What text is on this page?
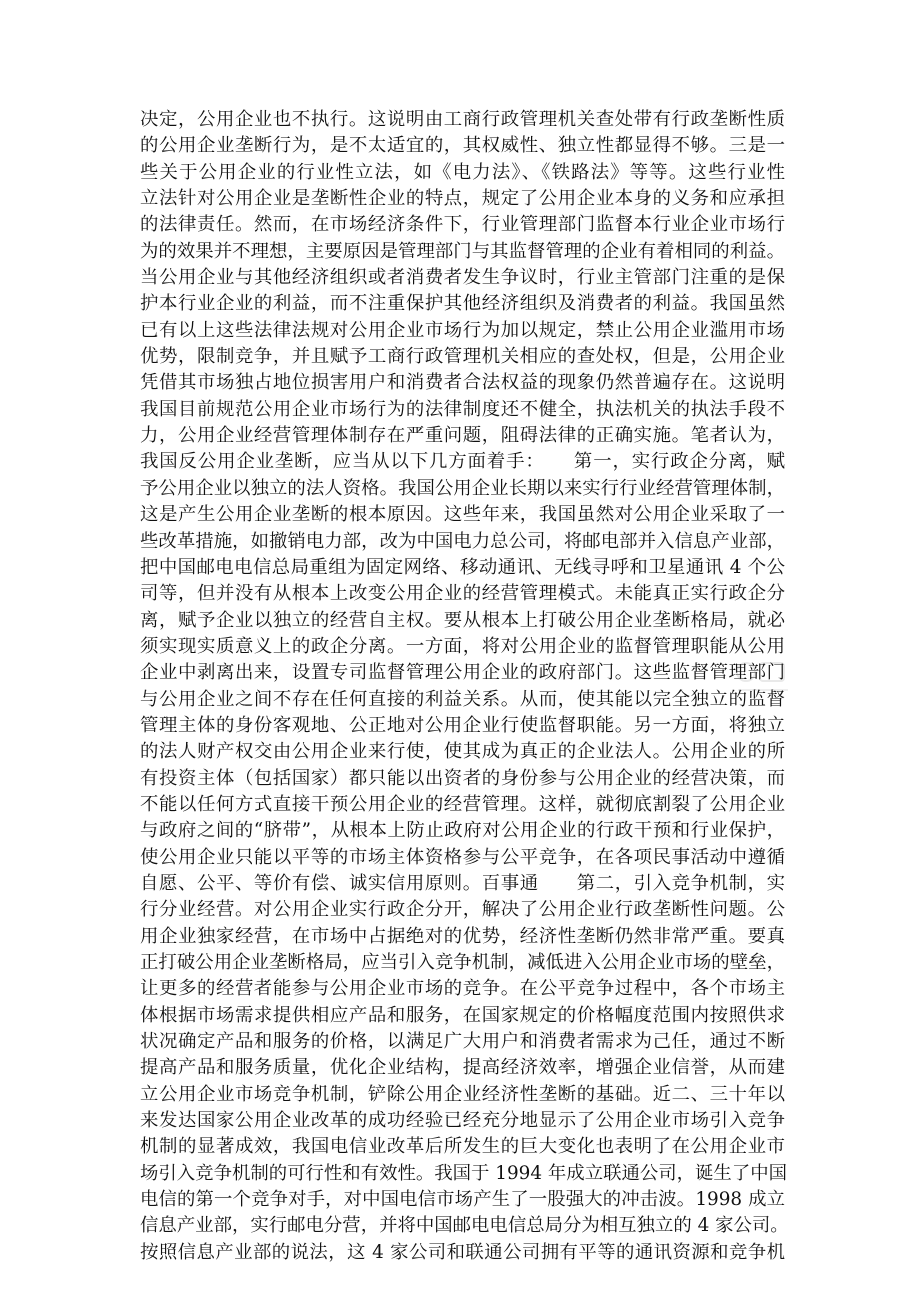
决定，公用企业也不执行。这说明由工商行政管理机关查处带有行政垄断性质
的公用企业垄断行为，是不太适宜的，其权威性、独立性都显得不够。三是一
些关于公用企业的行业性立法，如《电力法》、《铁路法》等等。这些行业性
立法针对公用企业是垄断性企业的特点，规定了公用企业本身的义务和应承担
的法律责任。然而，在市场经济条件下，行业管理部门监督本行业企业市场行
为的效果并不理想，主要原因是管理部门与其监督管理的企业有着相同的利益。
当公用企业与其他经济组织或者消费者发生争议时，行业主管部门注重的是保
护本行业企业的利益，而不注重保护其他经济组织及消费者的利益。我国虽然
已有以上这些法律法规对公用企业市场行为加以规定，禁止公用企业滥用市场
优势，限制竞争，并且赋予工商行政管理机关相应的查处权，但是，公用企业
凭借其市场独占地位损害用户和消费者合法权益的现象仍然普遍存在。这说明
我国目前规范公用企业市场行为的法律制度还不健全，执法机关的执法手段不
力，公用企业经营管理体制存在严重问题，阻碍法律的正确实施。笔者认为，
我国反公用企业垄断，应当从以下几方面着手：　　第一，实行政企分离，赋
予公用企业以独立的法人资格。我国公用企业长期以来实行行业经营管理体制，
这是产生公用企业垄断的根本原因。这些年来，我国虽然对公用企业采取了一
些改革措施，如撤销电力部，改为中国电力总公司，将邮电部并入信息产业部，
把中国邮电电信总局重组为固定网络、移动通讯、无线寻呼和卫星通讯 4 个公
司等，但并没有从根本上改变公用企业的经营管理模式。未能真正实行政企分
离，赋予企业以独立的经营自主权。要从根本上打破公用企业垄断格局，就必
须实现实质意义上的政企分离。一方面，将对公用企业的监督管理职能从公用
企业中剥离出来，设置专司监督管理公用企业的政府部门。这些监督管理部门
与公用企业之间不存在任何直接的利益关系。从而，使其能以完全独立的监督
管理主体的身份客观地、公正地对公用企业行使监督职能。另一方面，将独立
的法人财产权交由公用企业来行使，使其成为真正的企业法人。公用企业的所
有投资主体（包括国家）都只能以出资者的身份参与公用企业的经营决策，而
不能以任何方式直接干预公用企业的经营管理。这样，就彻底割裂了公用企业
与政府之间的“脐带”，从根本上防止政府对公用企业的行政干预和行业保护，
使公用企业只能以平等的市场主体资格参与公平竞争，在各项民事活动中遵循
自愿、公平、等价有偿、诚实信用原则。百事通　　第二，引入竞争机制，实
行分业经营。对公用企业实行政企分开，解决了公用企业行政垄断性问题。公
用企业独家经营，在市场中占据绝对的优势，经济性垄断仍然非常严重。要真
正打破公用企业垄断格局，应当引入竞争机制，减低进入公用企业市场的壁垒，
让更多的经营者能参与公用企业市场的竞争。在公平竞争过程中，各个市场主
体根据市场需求提供相应产品和服务，在国家规定的价格幅度范围内按照供求
状况确定产品和服务的价格，以满足广大用户和消费者需求为己任，通过不断
提高产品和服务质量，优化企业结构，提高经济效率，增强企业信誉，从而建
立公用企业市场竞争机制，铲除公用企业经济性垄断的基础。近二、三十年以
来发达国家公用企业改革的成功经验已经充分地显示了公用企业市场引入竞争
机制的显著成效，我国电信业改革后所发生的巨大变化也表明了在公用企业市
场引入竞争机制的可行性和有效性。我国于 1994 年成立联通公司，诞生了中国
电信的第一个竞争对手，对中国电信市场产生了一股强大的冲击波。1998 成立
信息产业部，实行邮电分营，并将中国邮电电信总局分为相互独立的 4 家公司。
按照信息产业部的说法，这 4 家公司和联通公司拥有平等的通讯资源和竞争机
